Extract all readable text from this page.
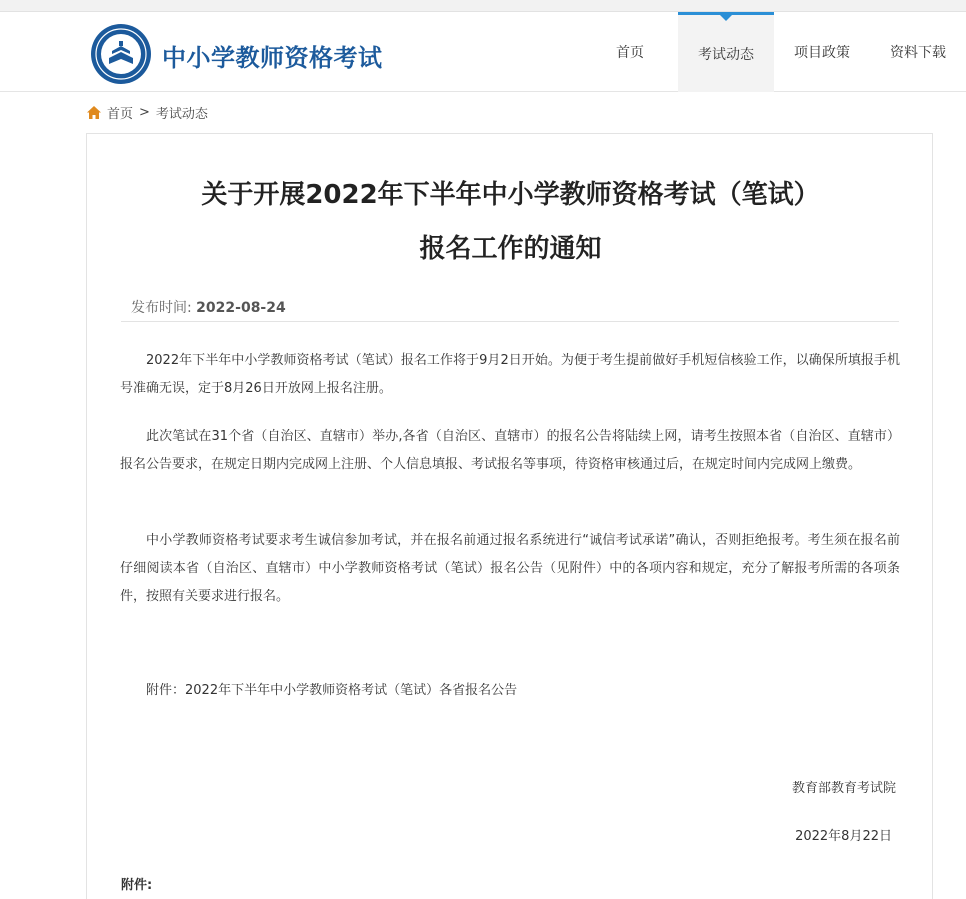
中小学教师资格考试	首页	考试动态	项目政策	资料下载
首页 > 考试动态
关于开展2022年下半年中小学教师资格考试（笔试）
报名工作的通知
发布时间: 2022-08-24

2022年下半年中小学教师资格考试（笔试）报名工作将于9月2日开始。为便于考生提前做好手机短信核验工作，以确保所填报手机号准确无误，定于8月26日开放网上报名注册。

此次笔试在31个省（自治区、直辖市）举办,各省（自治区、直辖市）的报名公告将陆续上网，请考生按照本省（自治区、直辖市）报名公告要求，在规定日期内完成网上注册、个人信息填报、考试报名等事项，待资格审核通过后，在规定时间内完成网上缴费。

中小学教师资格考试要求考生诚信参加考试，并在报名前通过报名系统进行“诚信考试承诺”确认，否则拒绝报考。考生须在报名前仔细阅读本省（自治区、直辖市）中小学教师资格考试（笔试）报名公告（见附件）中的各项内容和规定，充分了解报考所需的各项条件，按照有关要求进行报名。

附件：2022年下半年中小学教师资格考试（笔试）各省报名公告
教育部教育考试院
2022年8月22日
附件:
